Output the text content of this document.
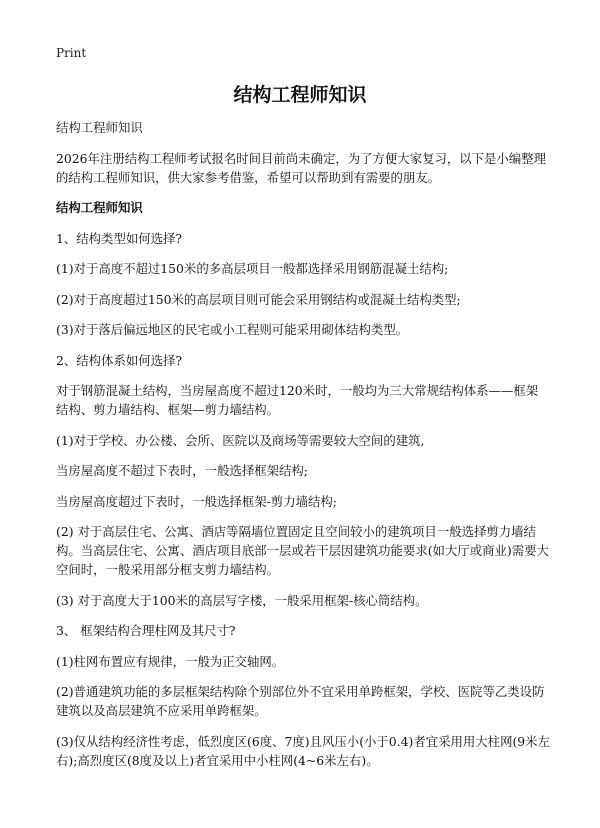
Print
结构工程师知识

结构工程师知识

2026年注册结构工程师考试报名时间目前尚未确定，为了方便大家复习，以下是小编整理的结构工程师知识，供大家参考借鉴，希望可以帮助到有需要的朋友。

结构工程师知识

1、结构类型如何选择?

(1)对于高度不超过150米的多高层项目一般都选择采用钢筋混凝土结构;

(2)对于高度超过150米的高层项目则可能会采用钢结构或混凝土结构类型;

(3)对于落后偏远地区的民宅或小工程则可能采用砌体结构类型。

2、结构体系如何选择?

对于钢筋混凝土结构，当房屋高度不超过120米时，一般均为三大常规结构体系——框架结构、剪力墙结构、框架—剪力墙结构。

(1)对于学校、办公楼、会所、医院以及商场等需要较大空间的建筑,

当房屋高度不超过下表时，一般选择框架结构;

当房屋高度超过下表时，一般选择框架-剪力墙结构;

(2) 对于高层住宅、公寓、酒店等隔墙位置固定且空间较小的建筑项目一般选择剪力墙结构。当高层住宅、公寓、酒店项目底部一层或若干层因建筑功能要求(如大厅或商业)需要大空间时，一般采用部分框支剪力墙结构。

(3) 对于高度大于100米的高层写字楼，一般采用框架-核心筒结构。

3、 框架结构合理柱网及其尺寸?

(1)柱网布置应有规律，一般为正交轴网。

(2)普通建筑功能的多层框架结构除个别部位外不宜采用单跨框架，学校、医院等乙类设防建筑以及高层建筑不应采用单跨框架。

(3)仅从结构经济性考虑，低烈度区(6度、7度)且风压小(小于0.4)者宜采用用大柱网(9米左右);高烈度区(8度及以上)者宜采用中小柱网(4~6米左右)。
